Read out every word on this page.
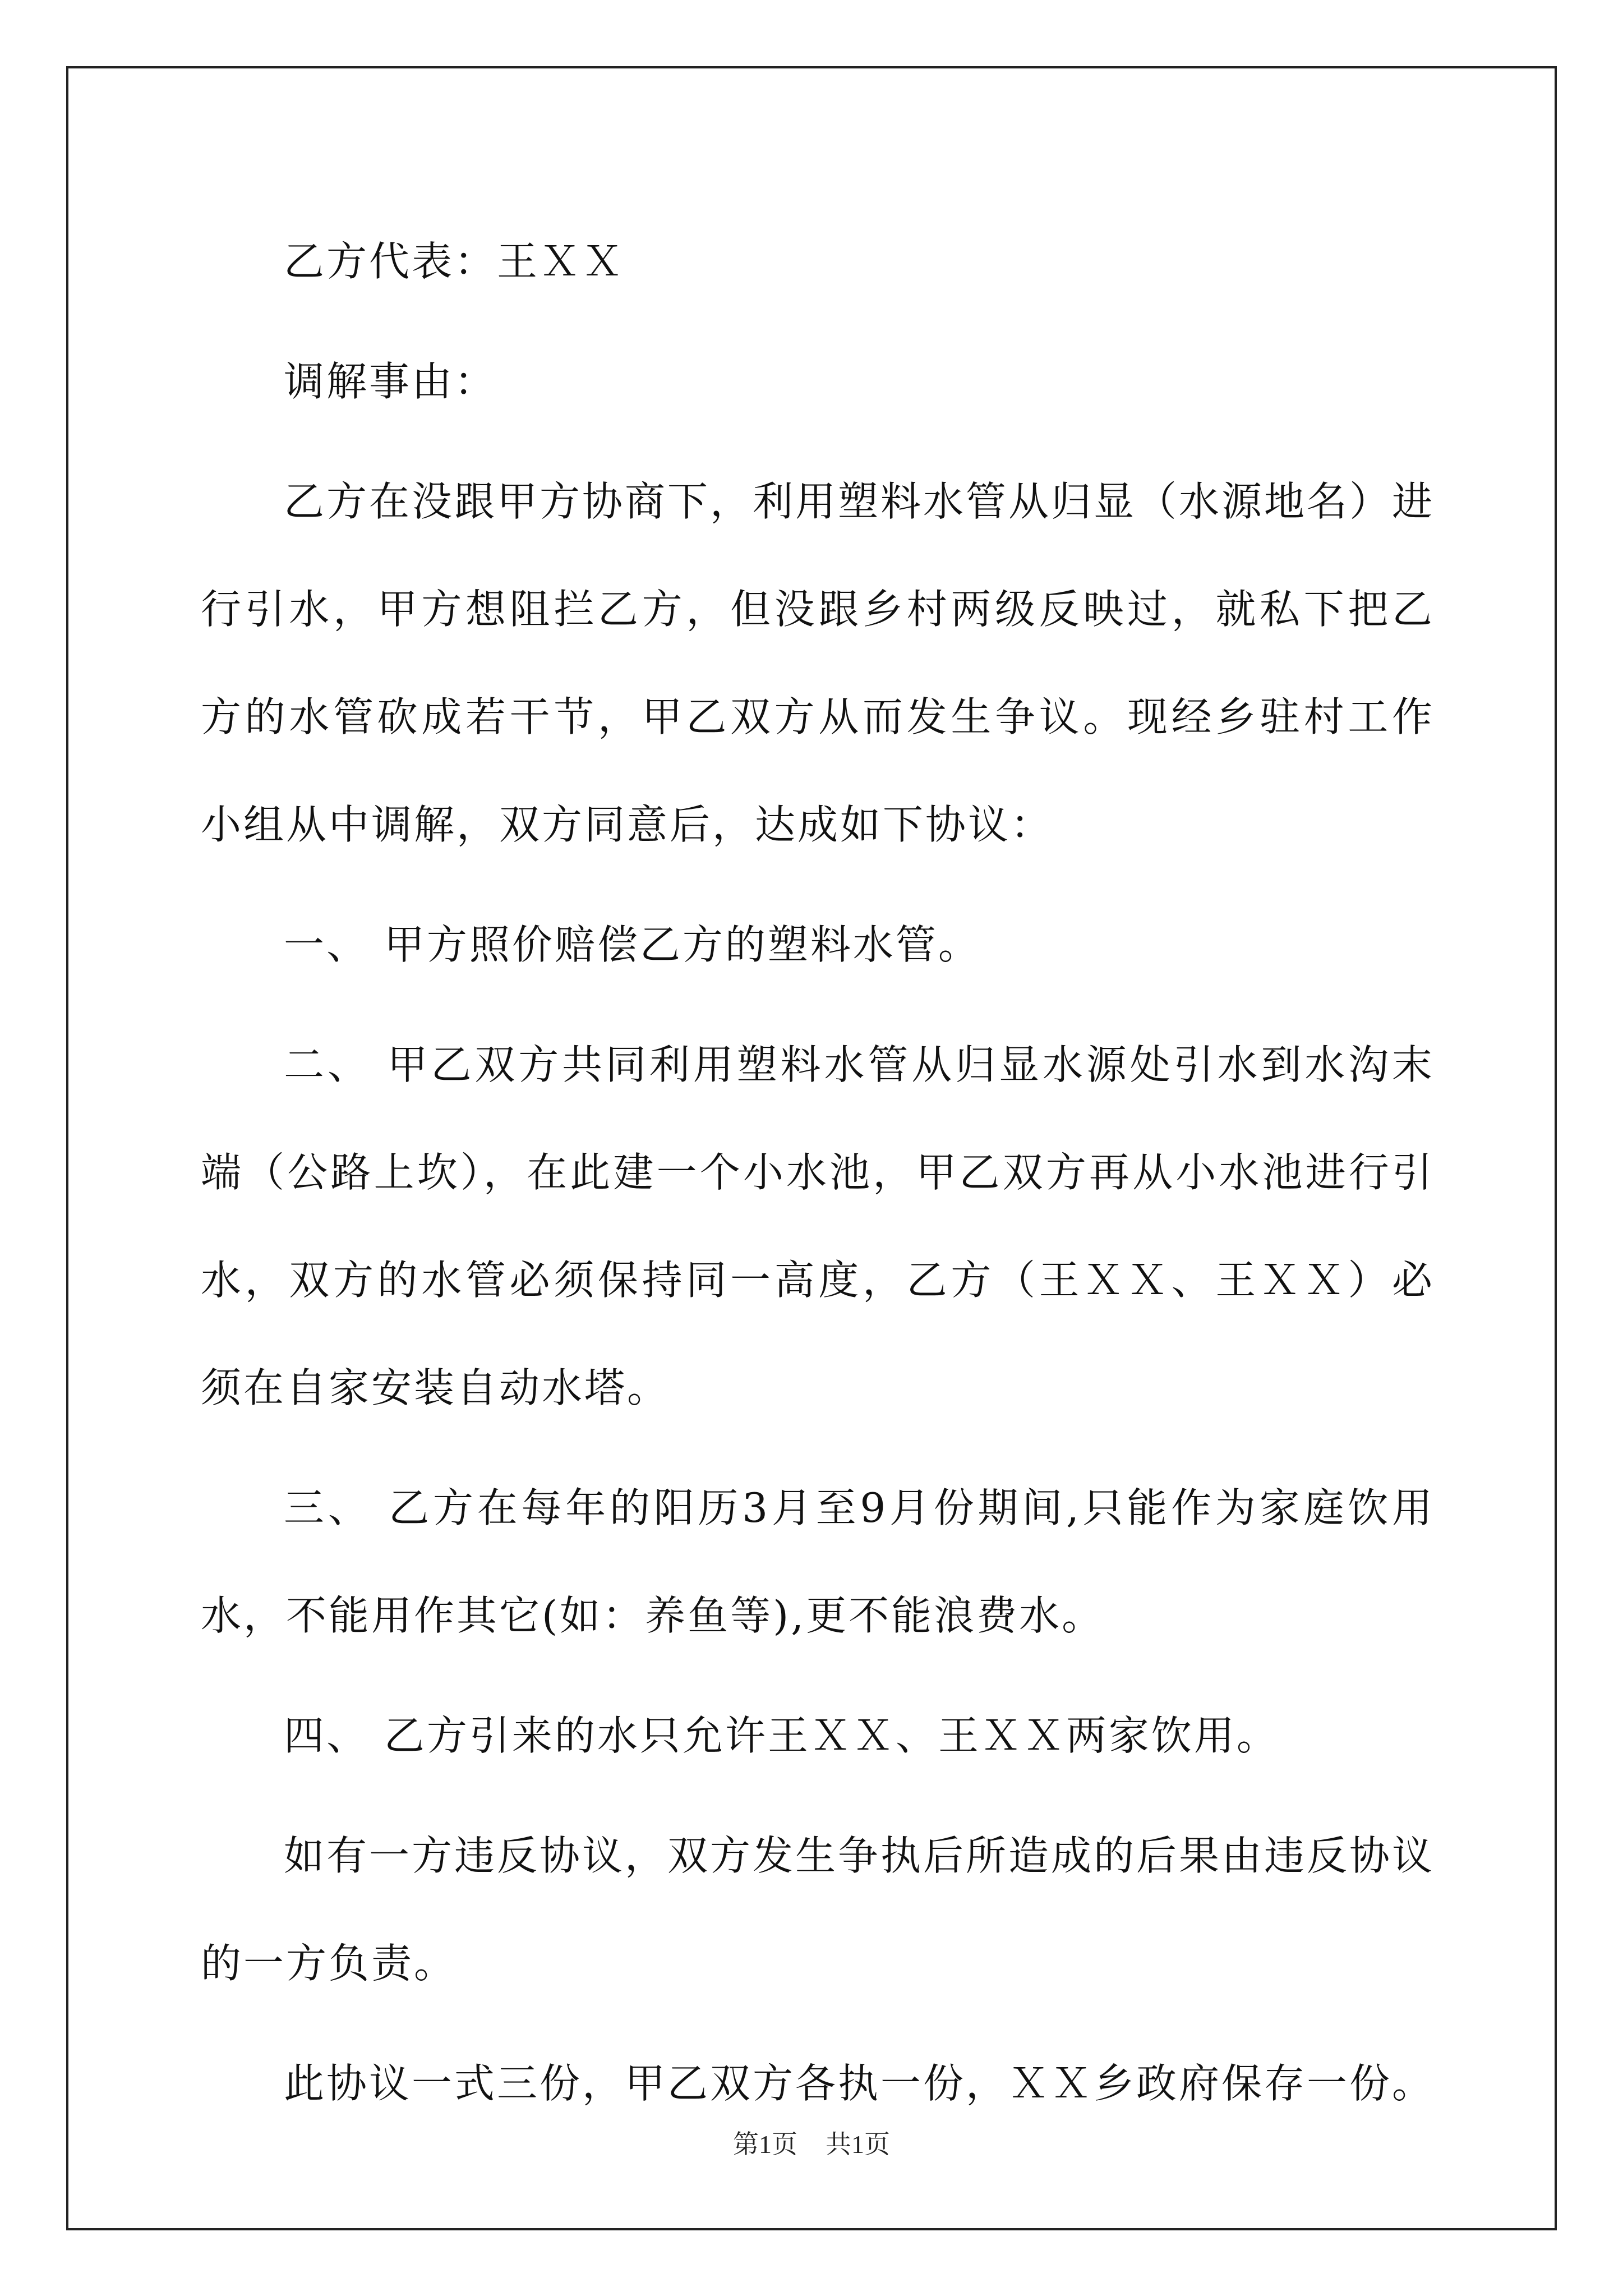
乙方代表：王ＸＸ

调解事由：

乙方在没跟甲方协商下，利用塑料水管从归显（水源地名）进行引水，甲方想阻拦乙方，但没跟乡村两级反映过，就私下把乙方的水管砍成若干节，甲乙双方从而发生争议。现经乡驻村工作小组从中调解，双方同意后，达成如下协议：

一、 甲方照价赔偿乙方的塑料水管。

二、 甲乙双方共同利用塑料水管从归显水源处引水到水沟末端（公路上坎），在此建一个小水池，甲乙双方再从小水池进行引水，双方的水管必须保持同一高度，乙方（王ＸＸ、王ＸＸ）必须在自家安装自动水塔。

三、 乙方在每年的阳历3月至9月份期间,只能作为家庭饮用水，不能用作其它(如：养鱼等),更不能浪费水。

四、 乙方引来的水只允许王ＸＸ、王ＸＸ两家饮用。

如有一方违反协议，双方发生争执后所造成的后果由违反协议的一方负责。

此协议一式三份，甲乙双方各执一份，ＸＸ乡政府保存一份。

第1页 共1页
